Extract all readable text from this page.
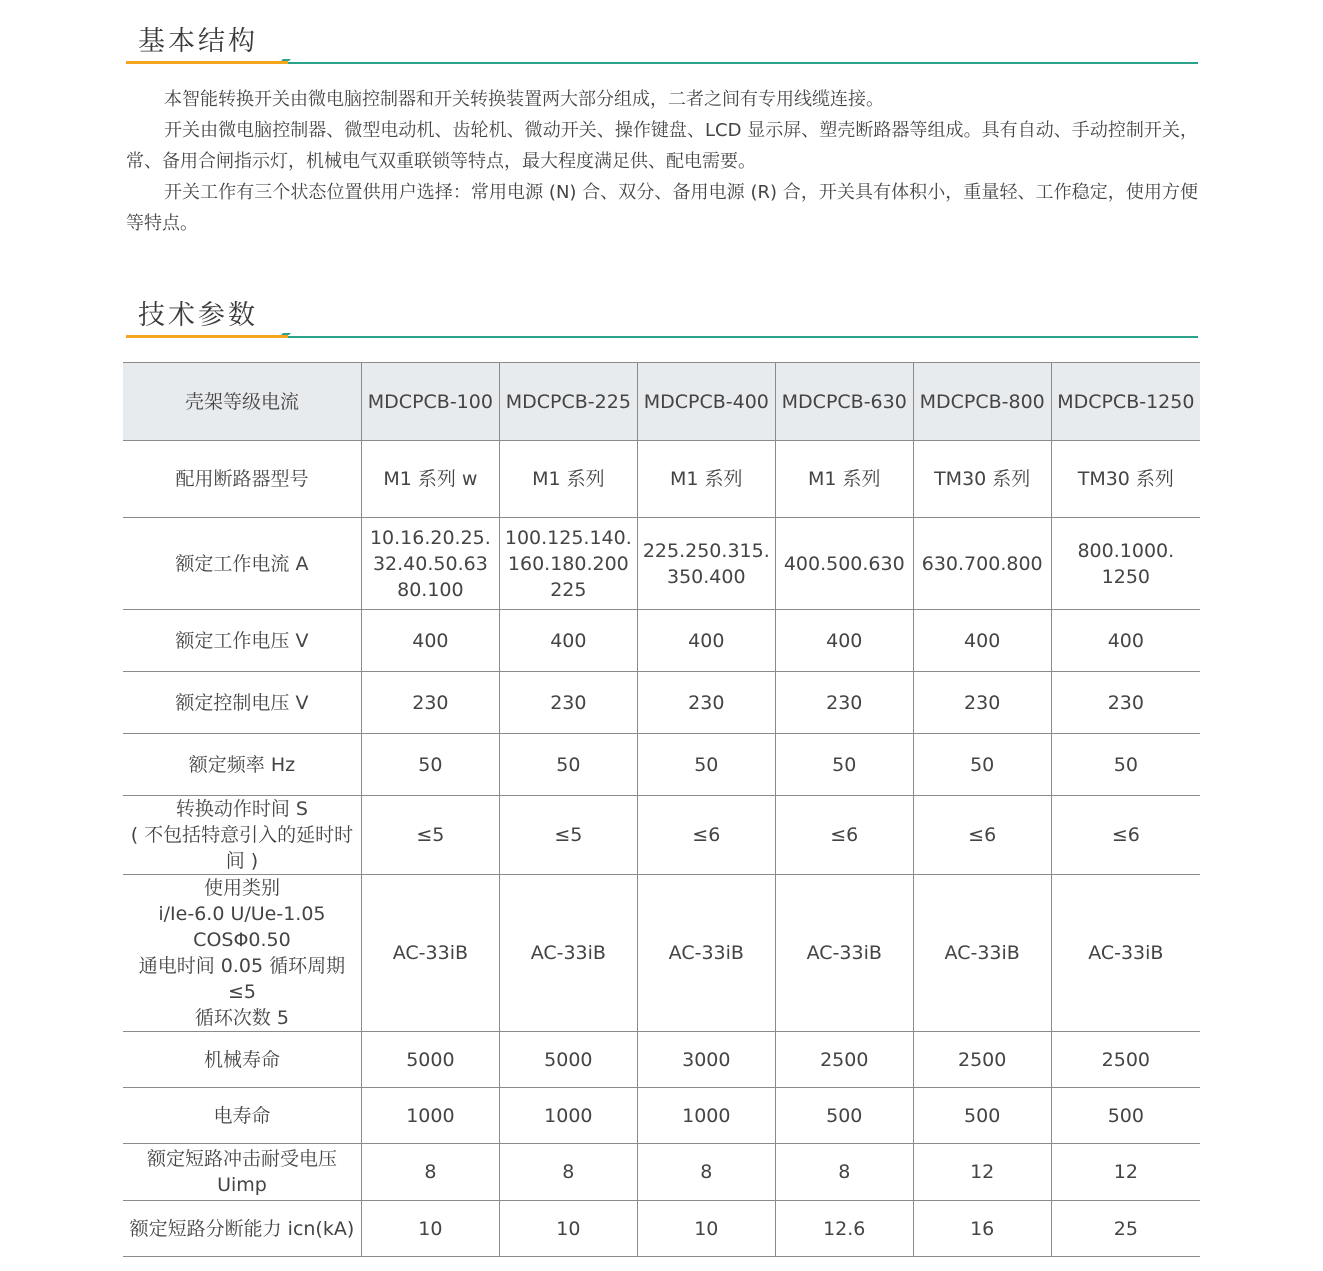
基本结构

本智能转换开关由微电脑控制器和开关转换装置两大部分组成，二者之间有专用线缆连接。

开关由微电脑控制器、微型电动机、齿轮机、微动开关、操作键盘、LCD 显示屏、塑壳断路器等组成。具有自动、手动控制开关，常、备用合闸指示灯，机械电气双重联锁等特点，最大程度满足供、配电需要。

开关工作有三个状态位置供用户选择：常用电源 (N) 合、双分、备用电源 (R) 合，开关具有体积小，重量轻、工作稳定，使用方便等特点。

技术参数
壳架等级电流	MDCPCB-100	MDCPCB-225	MDCPCB-400	MDCPCB-630	MDCPCB-800	MDCPCB-1250

配用断路器型号	M1 系列 w	M1 系列	M1 系列	M1 系列	TM30 系列	TM30 系列

额定工作电流 A	10.16.20.25.
32.40.50.63
80.100	100.125.140.
160.180.200
225	225.250.315.
350.400	400.500.630	630.700.800	800.1000.
1250

额定工作电压 V	400	400	400	400	400	400

额定控制电压 V	230	230	230	230	230	230

额定频率 Hz	50	50	50	50	50	50

转换动作时间 S
( 不包括特意引入的延时时间 )	≤5	≤5	≤6	≤6	≤6	≤6

使用类别
i/Ie-6.0 U/Ue-1.05
COSΦ0.50
通电时间 0.05 循环周期 ≤5
循环次数 5	AC-33iB	AC-33iB	AC-33iB	AC-33iB	AC-33iB	AC-33iB

机械寿命	5000	5000	3000	2500	2500	2500

电寿命	1000	1000	1000	500	500	500

额定短路冲击耐受电压
Uimp	8	8	8	8	12	12

额定短路分断能力 icn(kA)	10	10	10	12.6	16	25
